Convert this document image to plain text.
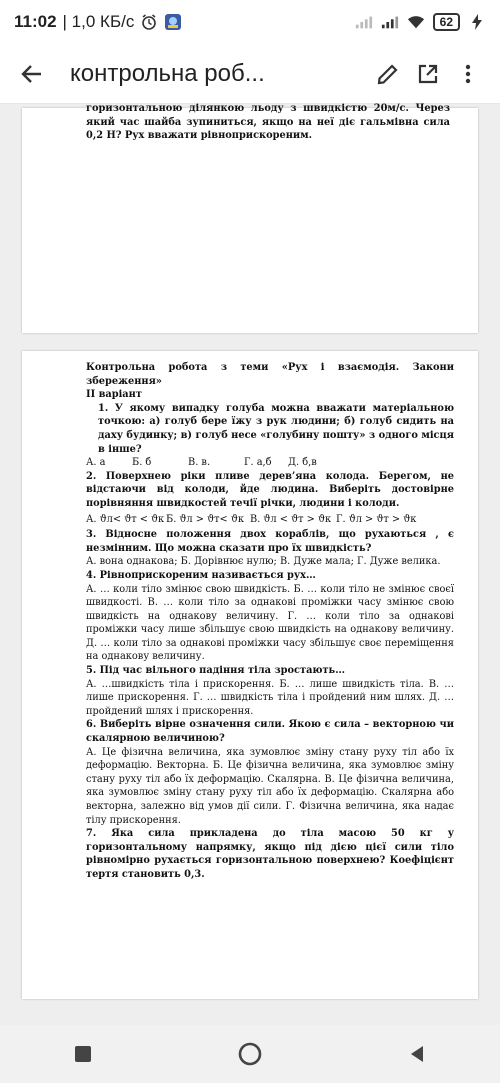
11:02 | 1,0 КБ/с	62
контрольна роб...
горизонтальною ділянкою льоду з швидкістю 20м/с. Через який час шайба зупиниться, якщо на неї діє гальмівна сила 0,2 Н? Рух вважати рівноприскореним.
Контрольна робота з теми «Рух і взаємодія. Закони збереження»
II варіант
1. У якому випадку голуба можна вважати матеріальною точкою: а) голуб бере їжу з рук людини; б) голуб сидить на даху будинку; в) голуб несе «голубину пошту» з одного місця в інше?
А. а	Б. б	В. в.	Г. а,б	Д. б,в
2. Поверхнею ріки пливе дерев’яна колода. Берегом, не відстаючи від колоди, йде людина. Виберіть достовірне порівняння швидкостей течії річки, людини і колоди.
А. ϑл< ϑт < ϑк Б. ϑл > ϑт< ϑк В. ϑл < ϑт > ϑк Г. ϑл > ϑт > ϑк
3. Відносне положення двох кораблів, що рухаються , є незмінним. Що можна сказати про їх швидкість?
А. вона однакова; Б. Дорівнює нулю; В. Дуже мала; Г. Дуже велика.
4. Рівноприскореним називається рух…
А. … коли тіло змінює свою швидкість. Б. … коли тіло не змінює своєї швидкості. В. … коли тіло за однакові проміжки часу змінює свою швидкість на однакову величину. Г. … коли тіло за однакові проміжки часу лише збільшує свою швидкість на однакову величину. Д. … коли тіло за однакові проміжки часу збільшує своє переміщення на однакову величину.
5. Під час вільного падіння тіла зростають…
А. …швидкість тіла і прискорення. Б. … лише швидкість тіла. В. … лише прискорення. Г. … швидкість тіла і пройдений ним шлях. Д. … пройдений шлях і прискорення.
6. Виберіть вірне означення сили. Якою є сила – векторною чи скалярною величиною?
А. Це фізична величина, яка зумовлює зміну стану руху тіл або їх деформацію. Векторна. Б. Це фізична величина, яка зумовлює зміну стану руху тіл або їх деформацію. Скалярна. В. Це фізична величина, яка зумовлює зміну стану руху тіл або їх деформацію. Скалярна або векторна, залежно від умов дії сили. Г. Фізична величина, яка надає тілу прискорення.
7. Яка сила прикладена до тіла масою 50 кг у горизонтальному напрямку, якщо під дією цієї сили тіло рівномірно рухається горизонтальною поверхнею? Коефіцієнт тертя становить 0,3.
